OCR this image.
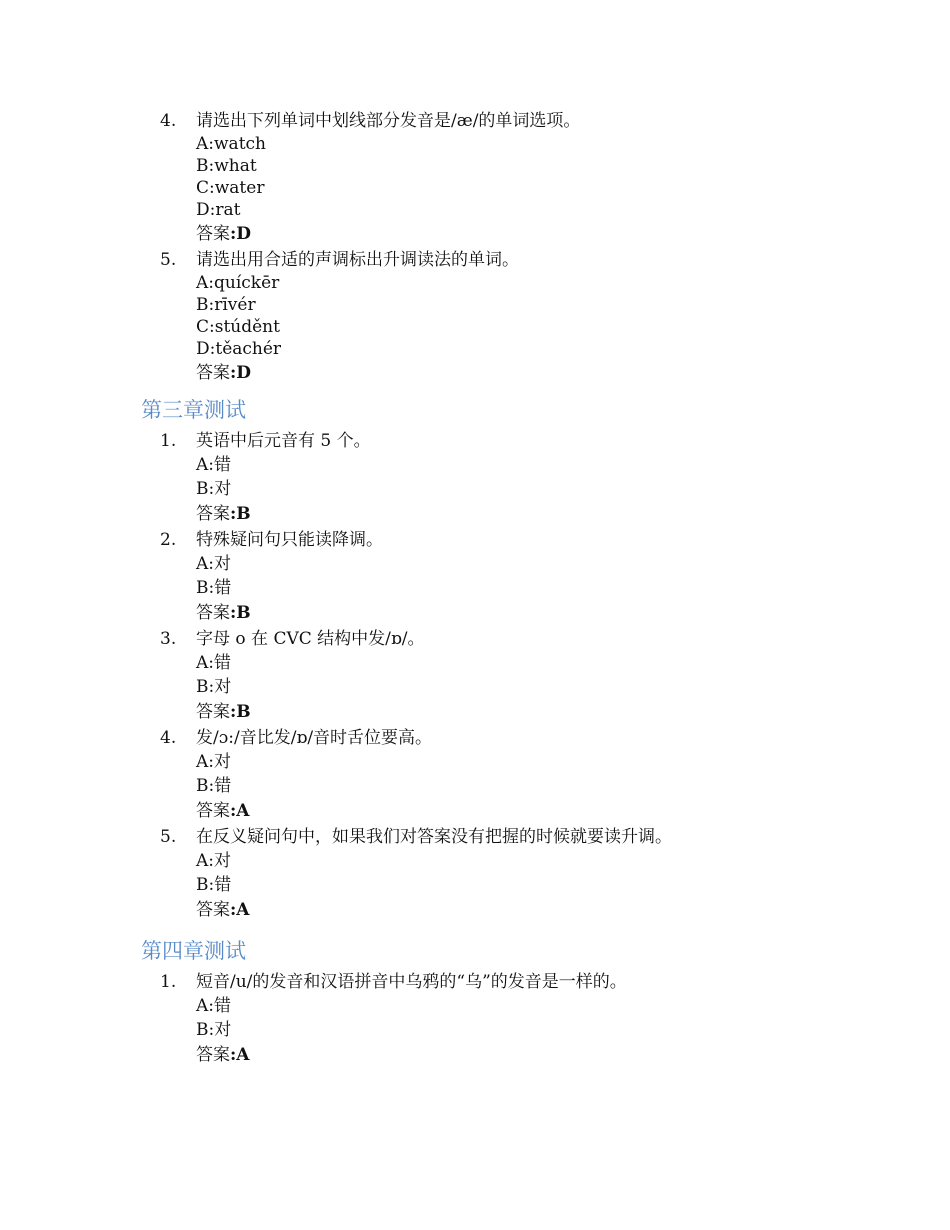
4. 请选出下列单词中划线部分发音是/æ/的单词选项。
A:watch
B:what
C:water
D:rat
答案:D
5. 请选出用合适的声调标出升调读法的单词。
A:quíckēr
B:rīvér
C:stúděnt
D:těachér
答案:D
第三章测试
1. 英语中后元音有 5 个。
A:错
B:对
答案:B
2. 特殊疑问句只能读降调。
A:对
B:错
答案:B
3. 字母 o 在 CVC 结构中发/ɒ/。
A:错
B:对
答案:B
4. 发/ɔ:/音比发/ɒ/音时舌位要高。
A:对
B:错
答案:A
5. 在反义疑问句中，如果我们对答案没有把握的时候就要读升调。
A:对
B:错
答案:A
第四章测试
1. 短音/u/的发音和汉语拼音中乌鸦的“乌”的发音是一样的。
A:错
B:对
答案:A
